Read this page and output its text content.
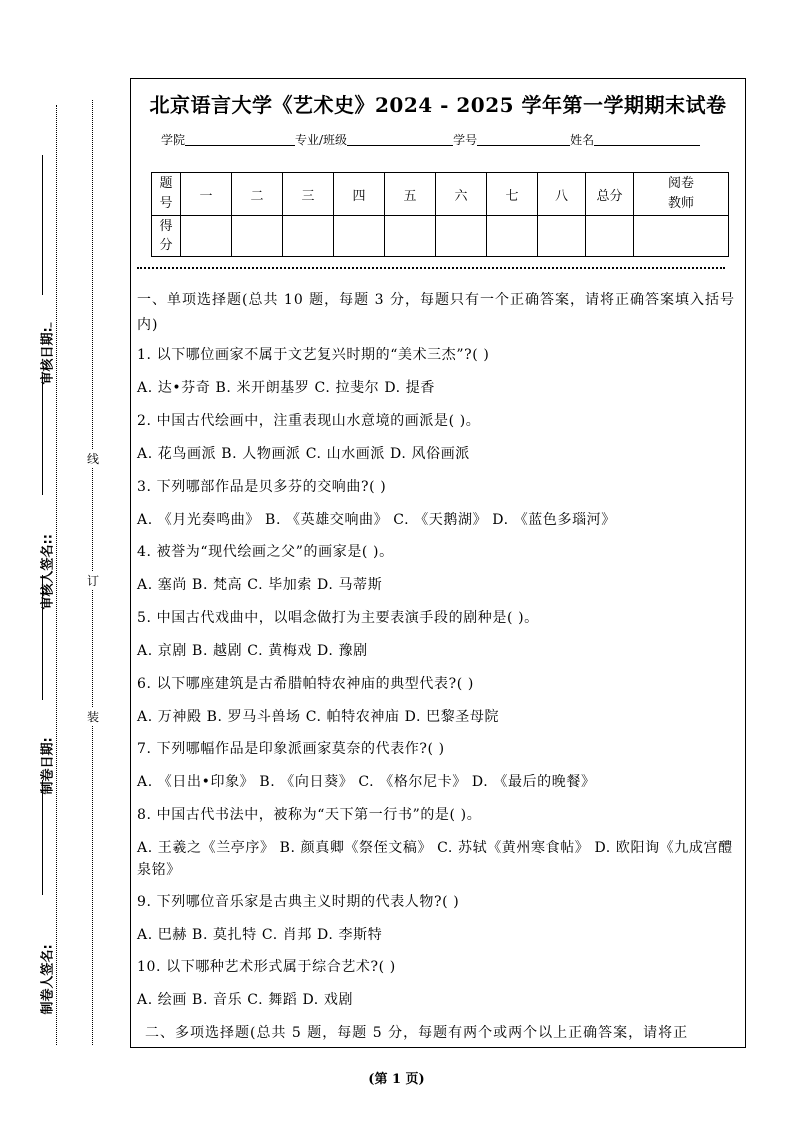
审核日期:
审核人签名::
制卷日期:
制卷人签名:
线
订
装
北京语言大学《艺术史》2024 - 2025 学年第一学期期末试卷
学院	专业/班级	学号	姓名
题号	一	二	三	四	五	六	七	八	总分	阅卷教师
得分										
一、单项选择题(总共 10 题，每题 3 分，每题只有一个正确答案，请将正确答案填入括号内)
1. 以下哪位画家不属于文艺复兴时期的“美术三杰”?( )
A. 达•芬奇 B. 米开朗基罗 C. 拉斐尔 D. 提香
2. 中国古代绘画中，注重表现山水意境的画派是( )。
A. 花鸟画派 B. 人物画派 C. 山水画派 D. 风俗画派
3. 下列哪部作品是贝多芬的交响曲?( )
A. 《月光奏鸣曲》 B. 《英雄交响曲》 C. 《天鹅湖》 D. 《蓝色多瑙河》
4. 被誉为“现代绘画之父”的画家是( )。
A. 塞尚 B. 梵高 C. 毕加索 D. 马蒂斯
5. 中国古代戏曲中，以唱念做打为主要表演手段的剧种是( )。
A. 京剧 B. 越剧 C. 黄梅戏 D. 豫剧
6. 以下哪座建筑是古希腊帕特农神庙的典型代表?( )
A. 万神殿 B. 罗马斗兽场 C. 帕特农神庙 D. 巴黎圣母院
7. 下列哪幅作品是印象派画家莫奈的代表作?( )
A. 《日出•印象》 B. 《向日葵》 C. 《格尔尼卡》 D. 《最后的晚餐》
8. 中国古代书法中，被称为“天下第一行书”的是( )。
A. 王羲之《兰亭序》 B. 颜真卿《祭侄文稿》 C. 苏轼《黄州寒食帖》 D. 欧阳询《九成宫醴泉铭》
9. 下列哪位音乐家是古典主义时期的代表人物?( )
A. 巴赫 B. 莫扎特 C. 肖邦 D. 李斯特
10. 以下哪种艺术形式属于综合艺术?( )
A. 绘画 B. 音乐 C. 舞蹈 D. 戏剧
二、多项选择题(总共 5 题，每题 5 分，每题有两个或两个以上正确答案，请将正
(第 1 页)
